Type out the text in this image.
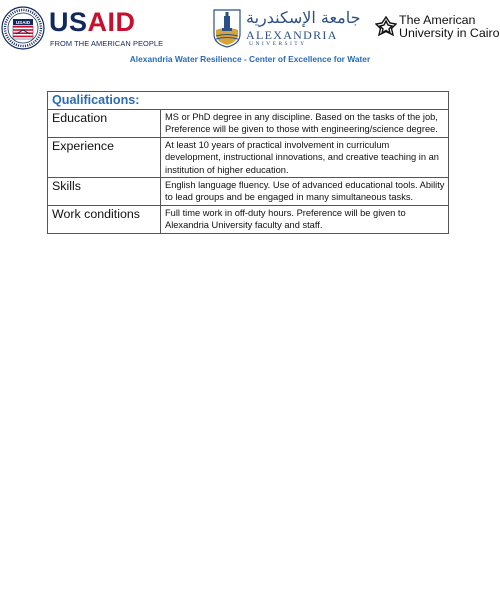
USAID USAID
FROM THE AMERICAN PEOPLE
جامعة الإسكندرية
ALEXANDRIA
UNIVERSITY
The American
University in Cairo
Alexandria Water Resilience - Center of Excellence for Water
Qualifications:	
Education	MS or PhD degree in any discipline. Based on the tasks of the job, Preference will be given to those with engineering/science degree.
Experience	At least 10 years of practical involvement in curriculum development, instructional innovations, and creative teaching in an institution of higher education.
Skills	English language fluency. Use of advanced educational tools. Ability to lead groups and be engaged in many simultaneous tasks.
Work conditions	Full time work in off-duty hours. Preference will be given to Alexandria University faculty and staff.
